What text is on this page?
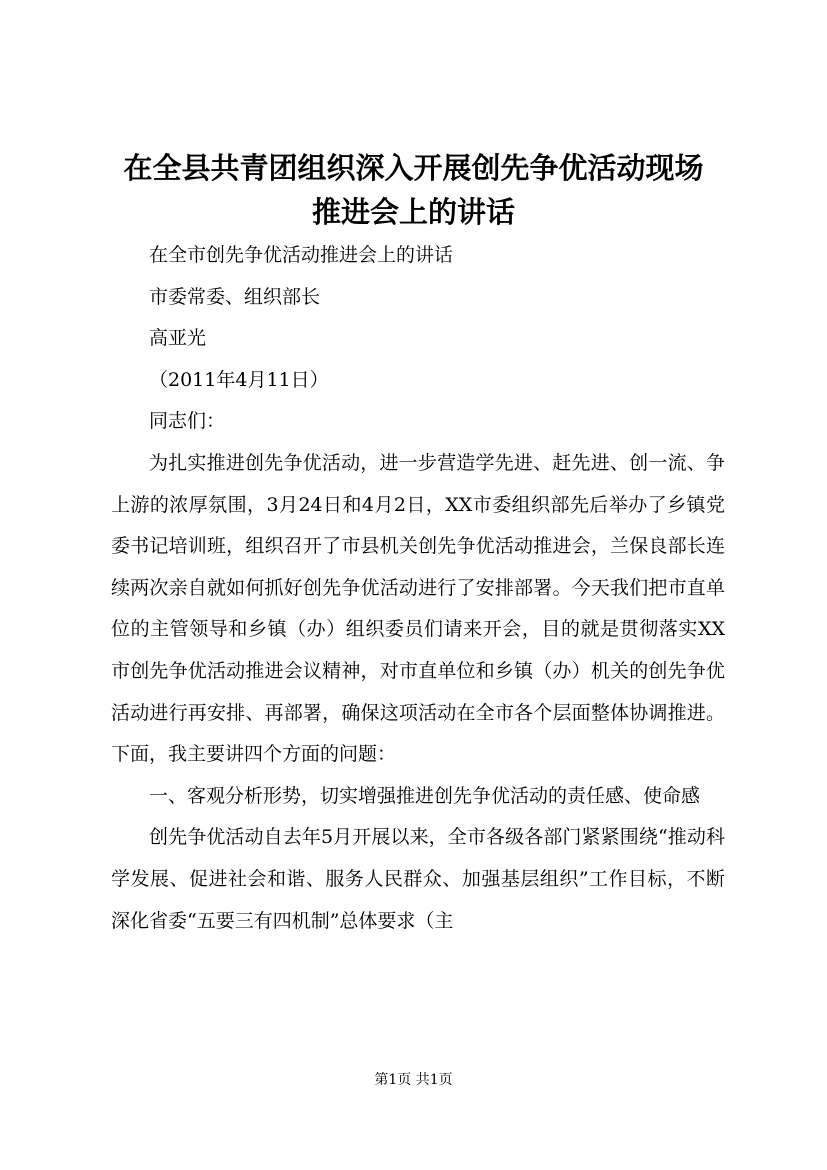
在全县共青团组织深入开展创先争优活动现场
推进会上的讲话

在全市创先争优活动推进会上的讲话

市委常委、组织部长

高亚光

（2011年4月11日）

同志们：

为扎实推进创先争优活动，进一步营造学先进、赶先进、创一流、争上游的浓厚氛围，3月24日和4月2日，XX市委组织部先后举办了乡镇党委书记培训班，组织召开了市县机关创先争优活动推进会，兰保良部长连续两次亲自就如何抓好创先争优活动进行了安排部署。今天我们把市直单位的主管领导和乡镇（办）组织委员们请来开会，目的就是贯彻落实XX市创先争优活动推进会议精神，对市直单位和乡镇（办）机关的创先争优活动进行再安排、再部署，确保这项活动在全市各个层面整体协调推进。下面，我主要讲四个方面的问题：

一、客观分析形势，切实增强推进创先争优活动的责任感、使命感

创先争优活动自去年5月开展以来，全市各级各部门紧紧围绕“推动科学发展、促进社会和谐、服务人民群众、加强基层组织”工作目标，不断深化省委“五要三有四机制”总体要求（主

第1页 共1页
